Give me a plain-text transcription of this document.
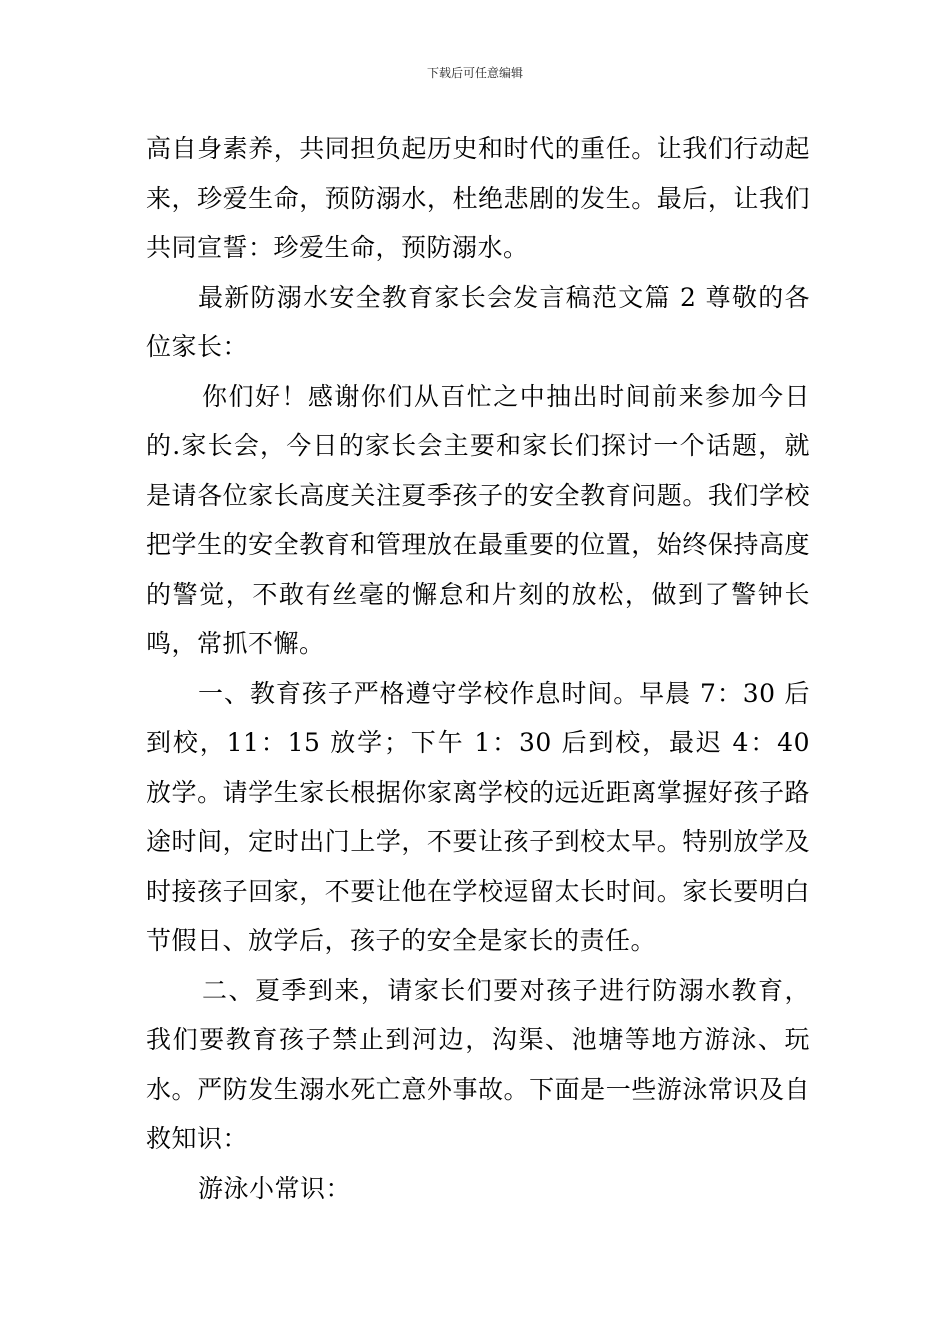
下载后可任意编辑

高自身素养，共同担负起历史和时代的重任。让我们行动起来，珍爱生命，预防溺水，杜绝悲剧的发生。最后，让我们共同宣誓：珍爱生命，预防溺水。

最新防溺水安全教育家长会发言稿范文篇 2 尊敬的各位家长：

你们好！感谢你们从百忙之中抽出时间前来参加今日的.家长会，今日的家长会主要和家长们探讨一个话题，就是请各位家长高度关注夏季孩子的安全教育问题。我们学校把学生的安全教育和管理放在最重要的位置，始终保持高度的警觉，不敢有丝毫的懈怠和片刻的放松，做到了警钟长鸣，常抓不懈。

一、教育孩子严格遵守学校作息时间。早晨 7：30 后到校，11：15 放学；下午 1：30 后到校，最迟 4：40 放学。请学生家长根据你家离学校的远近距离掌握好孩子路途时间，定时出门上学，不要让孩子到校太早。特别放学及时接孩子回家，不要让他在学校逗留太长时间。家长要明白节假日、放学后，孩子的安全是家长的责任。

二、夏季到来，请家长们要对孩子进行防溺水教育，我们要教育孩子禁止到河边，沟渠、池塘等地方游泳、玩水。严防发生溺水死亡意外事故。下面是一些游泳常识及自救知识：

游泳小常识：
